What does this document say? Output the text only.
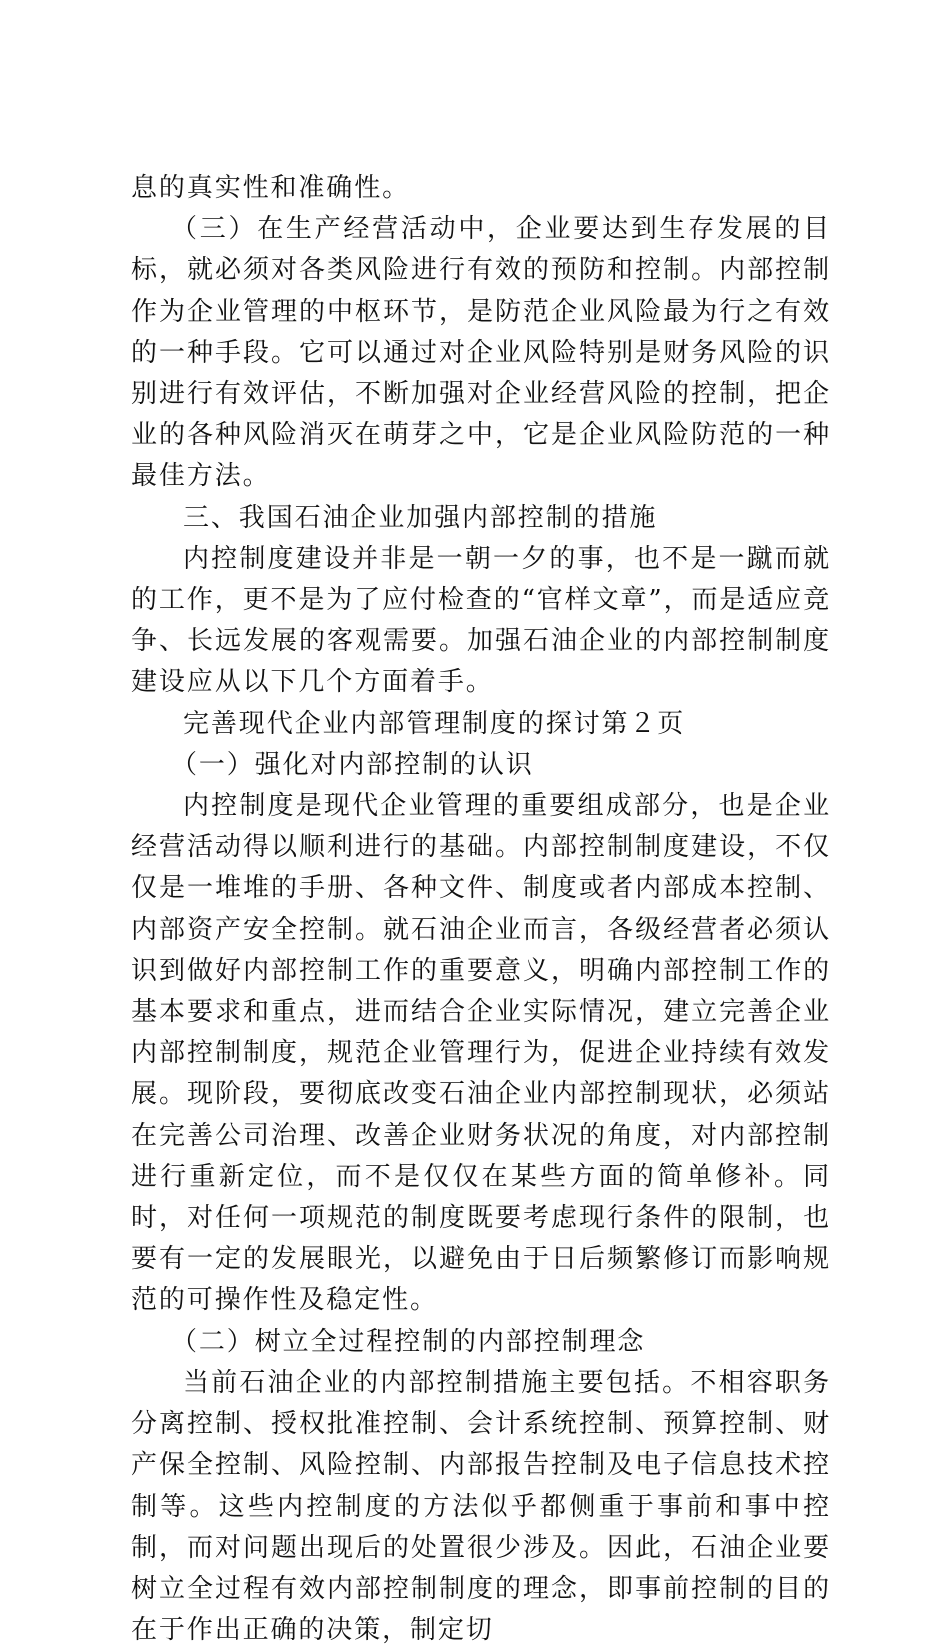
息的真实性和准确性。

（三）在生产经营活动中，企业要达到生存发展的目标，就必须对各类风险进行有效的预防和控制。内部控制作为企业管理的中枢环节，是防范企业风险最为行之有效的一种手段。它可以通过对企业风险特别是财务风险的识别进行有效评估，不断加强对企业经营风险的控制，把企业的各种风险消灭在萌芽之中，它是企业风险防范的一种最佳方法。

三、我国石油企业加强内部控制的措施

内控制度建设并非是一朝一夕的事，也不是一蹴而就的工作，更不是为了应付检查的“官样文章”，而是适应竞争、长远发展的客观需要。加强石油企业的内部控制制度建设应从以下几个方面着手。

完善现代企业内部管理制度的探讨第２页

（一）强化对内部控制的认识

内控制度是现代企业管理的重要组成部分，也是企业经营活动得以顺利进行的基础。内部控制制度建设，不仅仅是一堆堆的手册、各种文件、制度或者内部成本控制、内部资产安全控制。就石油企业而言，各级经营者必须认识到做好内部控制工作的重要意义，明确内部控制工作的基本要求和重点，进而结合企业实际情况，建立完善企业内部控制制度，规范企业管理行为，促进企业持续有效发展。现阶段，要彻底改变石油企业内部控制现状，必须站在完善公司治理、改善企业财务状况的角度，对内部控制进行重新定位，而不是仅仅在某些方面的简单修补。同时，对任何一项规范的制度既要考虑现行条件的限制，也要有一定的发展眼光，以避免由于日后频繁修订而影响规范的可操作性及稳定性。

（二）树立全过程控制的内部控制理念

当前石油企业的内部控制措施主要包括。不相容职务分离控制、授权批准控制、会计系统控制、预算控制、财产保全控制、风险控制、内部报告控制及电子信息技术控制等。这些内控制度的方法似乎都侧重于事前和事中控制，而对问题出现后的处置很少涉及。因此，石油企业要树立全过程有效内部控制制度的理念，即事前控制的目的在于作出正确的决策，制定切
